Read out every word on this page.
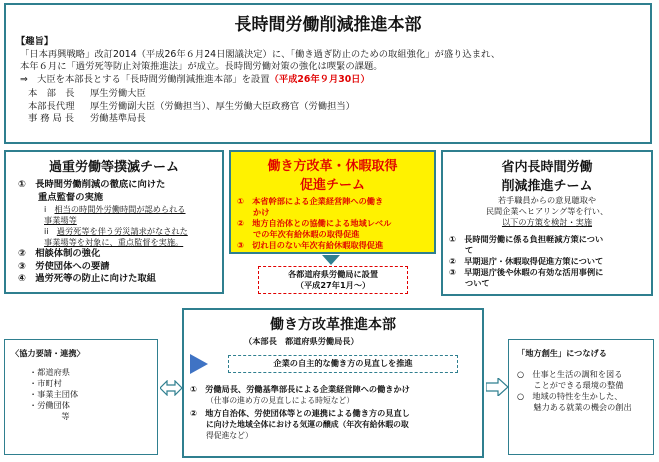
長時間労働削減推進本部
【趣旨】
「日本再興戦略」改訂2014（平成26年６月24日閣議決定）に、「働き過ぎ防止のための取組強化」が盛り込まれ、
本年６月に「過労死等防止対策推進法」が成立。長時間労働対策の強化は喫緊の課題。
⇒　大臣を本部長とする「長時間労働削減推進本部」を設置（平成26年９月30日）
本　部　長 厚生労働大臣
本部長代理 厚生労働副大臣（労働担当）、厚生労働大臣政務官（労働担当）
事 務 局 長 労働基準局長
過重労働等撲滅チーム
①　 長時間労働削減の徹底に向けた
重点監督の実施
i　 相当の時間外労働時間が認められる
事業場等
ii　 過労死等を伴う労災請求がなされた
事業場等を対象に、重点監督を実施。
②　 相談体制の強化
③　 労使団体への要請
④　 過労死等の防止に向けた取組
働き方改革・休暇取得
促進チーム
①　 本省幹部による企業経営陣への働き
かけ
②　 地方自治体との協働による地域レベル
での年次有給休暇の取得促進
③　 切れ目のない年次有給休暇取得促進
各都道府県労働局に設置
（平成27年1月～）
省内長時間労働
削減推進チーム
若手職員からの意見聴取や
民間企業へヒアリング等を行い、
以下の方策を検討・実施
①　 長時間労働に係る負担軽減方策につい
て
②　 早期退庁・休暇取得促進方策について
③　 早期退庁後や休暇の有効な活用事例に
ついて
〈協力要請・連携〉
・都道府県
・市町村
・事業主団体
・労働団体
　　等
働き方改革推進本部
（本部長　都道府県労働局長）
企業の自主的な働き方の見直しを推進
①　 労働局長、労働基準部長による企業経営陣への働きかけ
（仕事の進め方の見直しによる時短など）
②　 地方自治体、労使団体等との連携による働き方の見直し
に向けた地域全体における気運の醸成（年次有給休暇の取
得促進など）
「地方創生」につなげる
○　仕事と生活の調和を図る
　　ことができる環境の整備
○　地域の特性を生かした、
　　魅力ある就業の機会の創出
